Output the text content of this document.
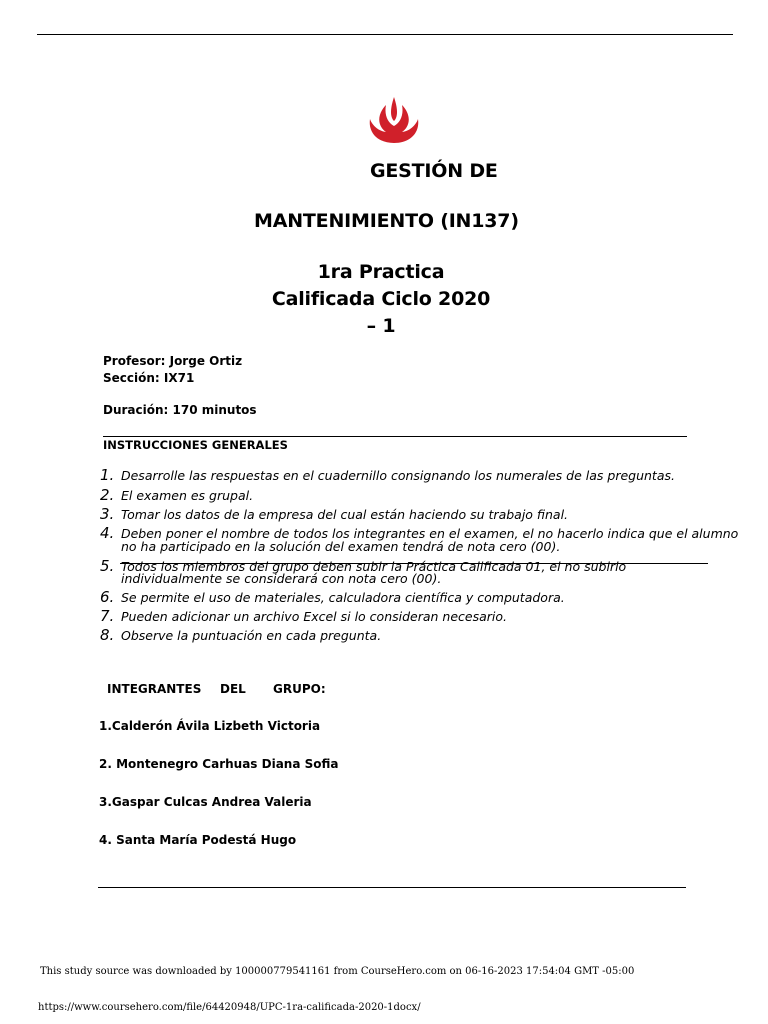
GESTIÓN DE
MANTENIMIENTO (IN137)
1ra Practica
Calificada Ciclo 2020
– 1
Profesor: Jorge Ortiz
Sección: IX71
Duración: 170 minutos
INSTRUCCIONES GENERALES
1. Desarrolle las respuestas en el cuadernillo consignando los numerales de las preguntas.
2. El examen es grupal.
3. Tomar los datos de la empresa del cual están haciendo su trabajo final.
4. Deben poner el nombre de todos los integrantes en el examen, el no hacerlo indica que el alumno
no ha participado en la solución del examen tendrá de nota cero (00).
5. Todos los miembros del grupo deben subir la Práctica Calificada 01, el no subirlo
individualmente se considerará con nota cero (00).
6. Se permite el uso de materiales, calculadora científica y computadora.
7. Pueden adicionar un archivo Excel si lo consideran necesario.
8. Observe la puntuación en cada pregunta.
INTEGRANTES DEL GRUPO:
1.Calderón Ávila Lizbeth Victoria
2. Montenegro Carhuas Diana Sofia
3.Gaspar Culcas Andrea Valeria
4. Santa María Podestá Hugo
This study source was downloaded by 100000779541161 from CourseHero.com on 06-16-2023 17:54:04 GMT -05:00
https://www.coursehero.com/file/64420948/UPC-1ra-calificada-2020-1docx/
